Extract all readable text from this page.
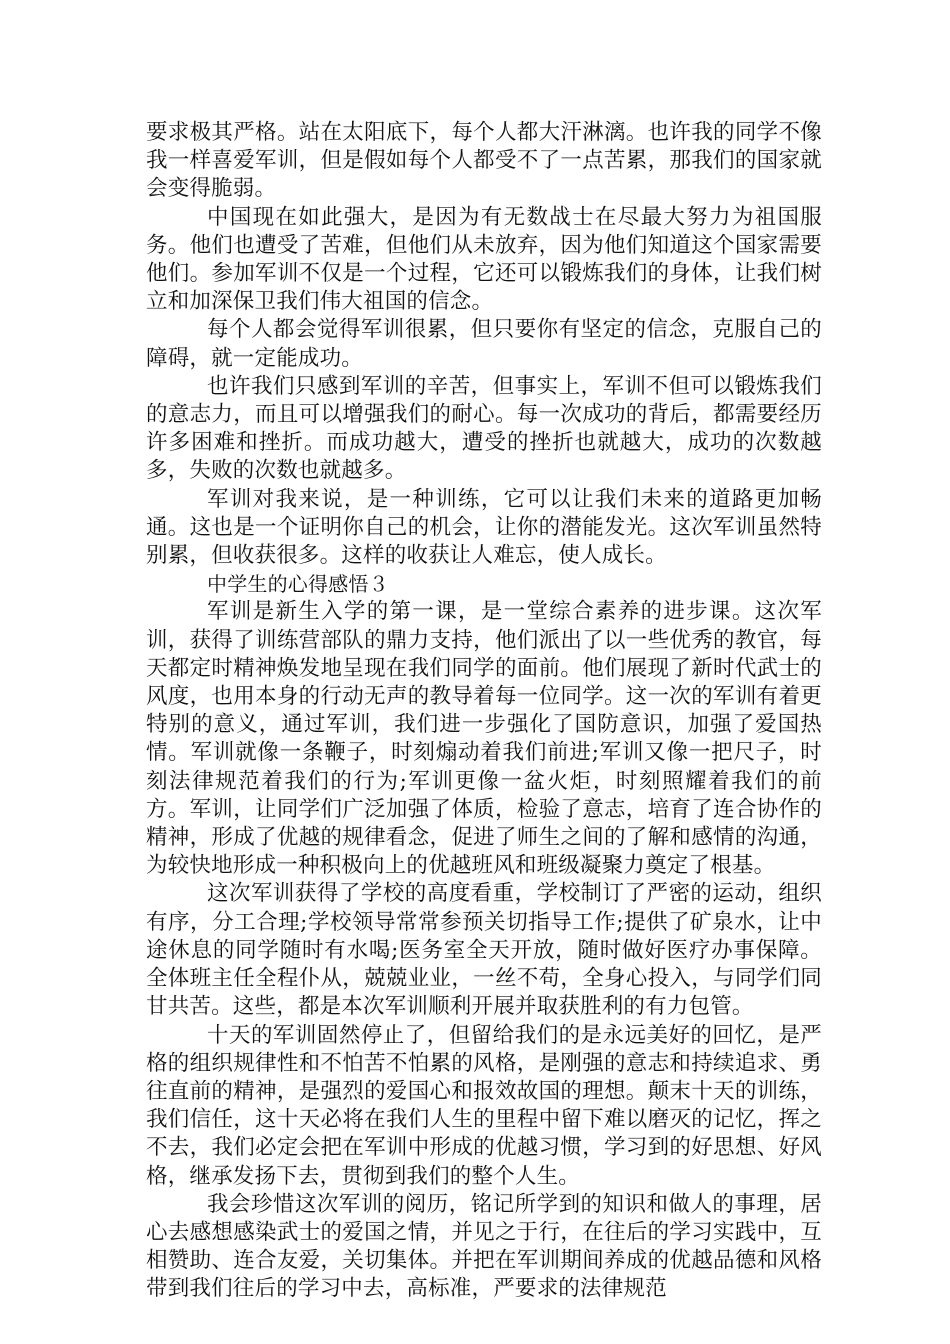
要求极其严格。站在太阳底下，每个人都大汗淋漓。也许我的同学不像我一样喜爱军训，但是假如每个人都受不了一点苦累，那我们的国家就会变得脆弱。

中国现在如此强大，是因为有无数战士在尽最大努力为祖国服务。他们也遭受了苦难，但他们从未放弃，因为他们知道这个国家需要他们。参加军训不仅是一个过程，它还可以锻炼我们的身体，让我们树立和加深保卫我们伟大祖国的信念。

每个人都会觉得军训很累，但只要你有坚定的信念，克服自己的障碍，就一定能成功。

也许我们只感到军训的辛苦，但事实上，军训不但可以锻炼我们的意志力，而且可以增强我们的耐心。每一次成功的背后，都需要经历许多困难和挫折。而成功越大，遭受的挫折也就越大，成功的次数越多，失败的次数也就越多。

军训对我来说，是一种训练，它可以让我们未来的道路更加畅通。这也是一个证明你自己的机会，让你的潜能发光。这次军训虽然特别累，但收获很多。这样的收获让人难忘，使人成长。

中学生的心得感悟３

军训是新生入学的第一课，是一堂综合素养的进步课。这次军训，获得了训练营部队的鼎力支持，他们派出了以一些优秀的教官，每天都定时精神焕发地呈现在我们同学的面前。他们展现了新时代武士的风度，也用本身的行动无声的教导着每一位同学。这一次的军训有着更特别的意义，通过军训，我们进一步强化了国防意识，加强了爱国热情。军训就像一条鞭子，时刻煽动着我们前进;军训又像一把尺子，时刻法律规范着我们的行为;军训更像一盆火炬，时刻照耀着我们的前方。军训，让同学们广泛加强了体质，检验了意志，培育了连合协作的精神，形成了优越的规律看念，促进了师生之间的了解和感情的沟通，为较快地形成一种积极向上的优越班风和班级凝聚力奠定了根基。

这次军训获得了学校的高度看重，学校制订了严密的运动，组织有序，分工合理;学校领导常常参预关切指导工作;提供了矿泉水，让中途休息的同学随时有水喝;医务室全天开放，随时做好医疗办事保障。全体班主任全程仆从，兢兢业业，一丝不苟，全身心投入，与同学们同甘共苦。这些，都是本次军训顺利开展并取获胜利的有力包管。

十天的军训固然停止了，但留给我们的是永远美好的回忆，是严格的组织规律性和不怕苦不怕累的风格，是刚强的意志和持续追求、勇往直前的精神，是强烈的爱国心和报效故国的理想。颠末十天的训练，我们信任，这十天必将在我们人生的里程中留下难以磨灭的记忆，挥之不去，我们必定会把在军训中形成的优越习惯，学习到的好思想、好风格，继承发扬下去，贯彻到我们的整个人生。

我会珍惜这次军训的阅历，铭记所学到的知识和做人的事理，居心去感想感染武士的爱国之情，并见之于行，在往后的学习实践中，互相赞助、连合友爱，关切集体。并把在军训期间养成的优越品德和风格带到我们往后的学习中去，高标准，严要求的法律规范
